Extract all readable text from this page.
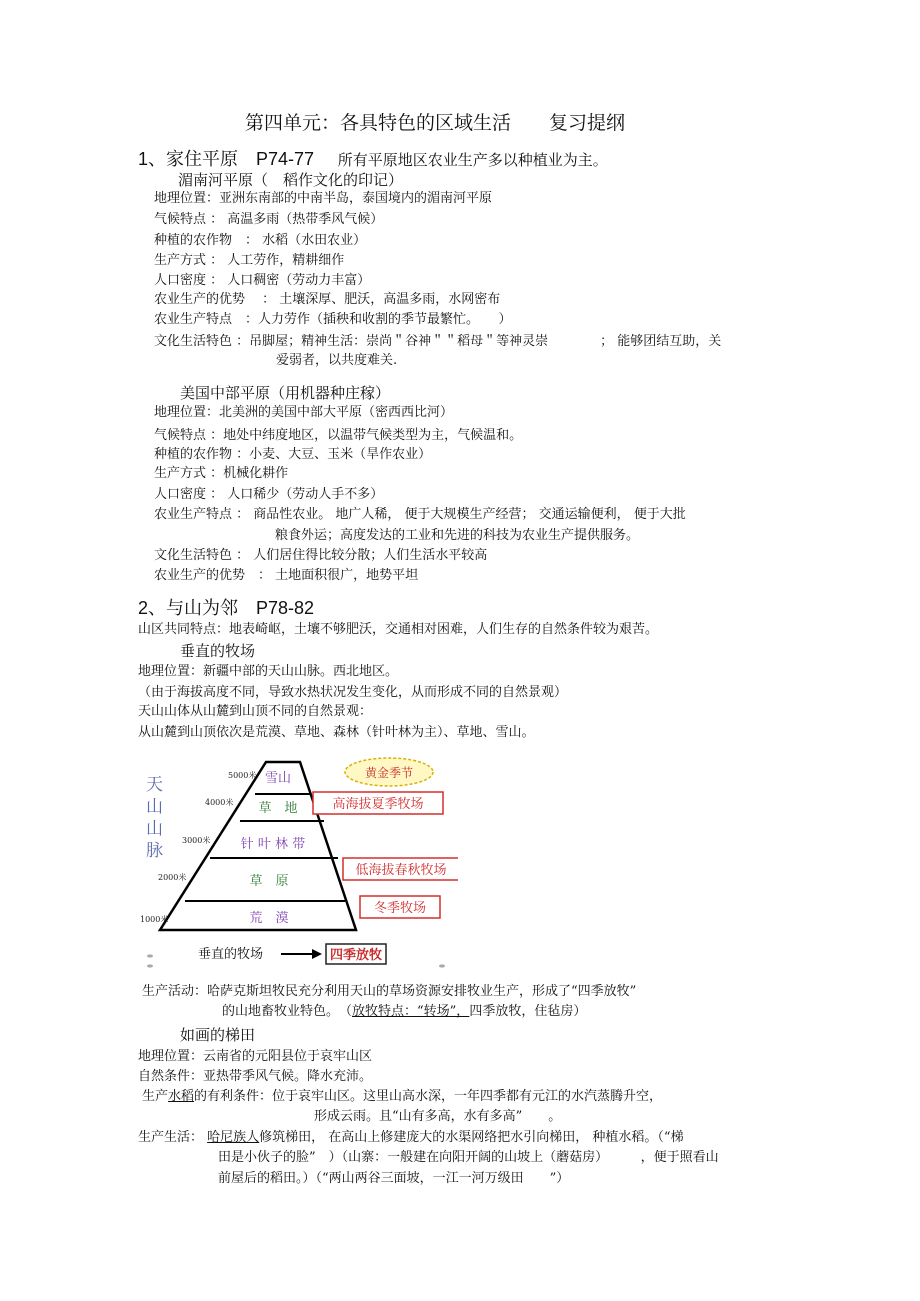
第四单元：各具特色的区域生活　　复习提纲
1、家住平原　P74-77 所有平原地区农业生产多以种植业为主。
湄南河平原（　稻作文化的印记）
地理位置：亚洲东南部的中南半岛，泰国境内的湄南河平原
气候特点 ： 高温多雨（热带季风气候）
种植的农作物　： 水稻（水田农业）
生产方式 ： 人工劳作，精耕细作
人口密度 ： 人口稠密（劳动力丰富）
农业生产的优势　 ： 土壤深厚、肥沃，高温多雨，水网密布
农业生产特点　：人力劳作（插秧和收割的季节最繁忙。　　）
文化生活特色 ：吊脚屋；精神生活：崇尚＂谷神＂＂稻母＂等神灵崇　　　　； 能够团结互助，关
爱弱者，以共度难关.
美国中部平原（用机器种庄稼）
地理位置：北美洲的美国中部大平原（密西西比河）
气候特点 ：地处中纬度地区，以温带气候类型为主，气候温和。
种植的农作物 ：小麦、大豆、玉米（旱作农业）
生产方式 ：机械化耕作
人口密度 ： 人口稀少（劳动人手不多）
农业生产特点 ： 商品性农业。 地广人稀， 便于大规模生产经营； 交通运输便利， 便于大批
粮食外运；高度发达的工业和先进的科技为农业生产提供服务。
文化生活特色 ： 人们居住得比较分散；人们生活水平较高
农业生产的优势　： 土地面积很广，地势平坦
2、与山为邻　P78-82
山区共同特点：地表崎岖，土壤不够肥沃，交通相对困难，人们生存的自然条件较为艰苦。
垂直的牧场
地理位置：新疆中部的天山山脉。西北地区。
（由于海拔高度不同，导致水热状况发生变化，从而形成不同的自然景观）
天山山体从山麓到山顶不同的自然景观：
从山麓到山顶依次是荒漠、草地、森林（针叶林为主）、草地、雪山。
天
山
山
脉
5000米
4000米
3000米
2000米
1000米
雪山
草　地
针 叶 林 带
草　原
荒　漠
黄金季节
高海拔夏季牧场
低海拔春秋牧场
冬季牧场
垂直的牧场	四季放牧
生产活动：哈萨克斯坦牧民充分利用天山的草场资源安排牧业生产，形成了“四季放牧”
的山地畜牧业特色。　（放牧特点：“转场”，四季放牧，住毡房）
如画的梯田
地理位置：云南省的元阳县位于哀牢山区
自然条件：亚热带季风气候。降水充沛。
生产水稻的有利条件：位于哀牢山区。这里山高水深，一年四季都有元江的水汽蒸腾升空，
形成云雨。且“山有多高，水有多高”　　。
生产生活： 哈尼族人修筑梯田， 在高山上修建庞大的水渠网络把水引向梯田， 种植水稻。（“梯
田是小伙子的脸”　）（山寨：一般建在向阳开阔的山坡上（蘑菇房）　　　，便于照看山
前屋后的稻田。）（“两山两谷三面坡，一江一河万级田　　”）
